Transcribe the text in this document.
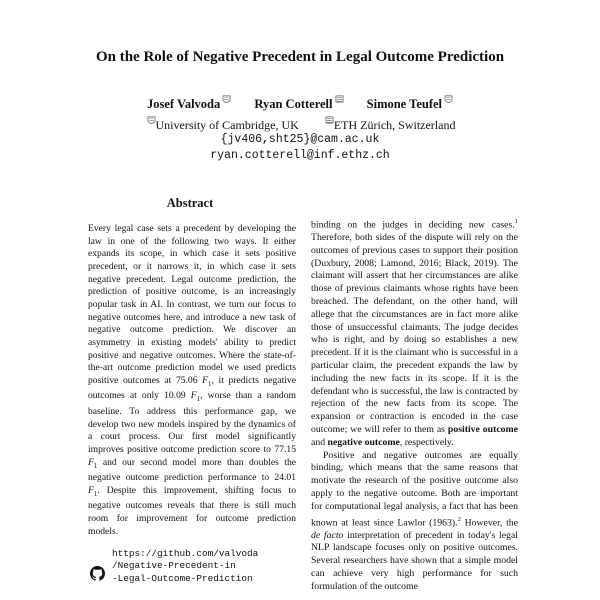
On the Role of Negative Precedent in Legal Outcome Prediction
Josef Valvoda	Ryan Cotterell	Simone Teufel
University of Cambridge, UK	ETH Zürich, Switzerland
{jv406,sht25}@cam.ac.uk
ryan.cotterell@inf.ethz.ch
Abstract
Every legal case sets a precedent by developing the law in one of the following two ways. It either expands its scope, in which case it sets positive precedent, or it narrows it, in which case it sets negative precedent. Legal outcome prediction, the prediction of positive outcome, is an increasingly popular task in AI. In contrast, we turn our focus to negative outcomes here, and introduce a new task of negative outcome prediction. We discover an asymmetry in existing models' ability to predict positive and negative outcomes. Where the state-of-the-art outcome prediction model we used predicts positive outcomes at 75.06 $F_1$, it predicts negative outcomes at only 10.09 $F_1$, worse than a random baseline. To address this performance gap, we develop two new models inspired by the dynamics of a court process. Our first model significantly improves positive outcome prediction score to 77.15 $F_1$ and our second model more than doubles the negative outcome prediction performance to 24.01 $F_1$. Despite this improvement, shifting focus to negative outcomes reveals that there is still much room for improvement for outcome prediction models.
https://github.com/valvoda
/Negative-Precedent-in
-Legal-Outcome-Prediction

binding on the judges in deciding new cases.$^1$ Therefore, both sides of the dispute will rely on the outcomes of previous cases to support their position (Duxbury, 2008; Lamond, 2016; Black, 2019). The claimant will assert that her circumstances are alike those of previous claimants whose rights have been breached. The defendant, on the other hand, will allege that the circumstances are in fact more alike those of unsuccessful claimants. The judge decides who is right, and by doing so establishes a new precedent. If it is the claimant who is successful in a particular claim, the precedent expands the law by including the new facts in its scope. If it is the defendant who is successful, the law is contracted by rejection of the new facts from its scope. The expansion or contraction is encoded in the case outcome; we will refer to them as positive outcome and negative outcome, respectively.

Positive and negative outcomes are equally binding, which means that the same reasons that motivate the research of the positive outcome also apply to the negative outcome. Both are important for computational legal analysis, a fact that has been known at least since Lawlor (1963).$^2$ However, the de facto interpretation of precedent in today's legal NLP landscape focuses only on positive outcomes. Several researchers have shown that a simple model can achieve very high performance for such formulation of the outcome
